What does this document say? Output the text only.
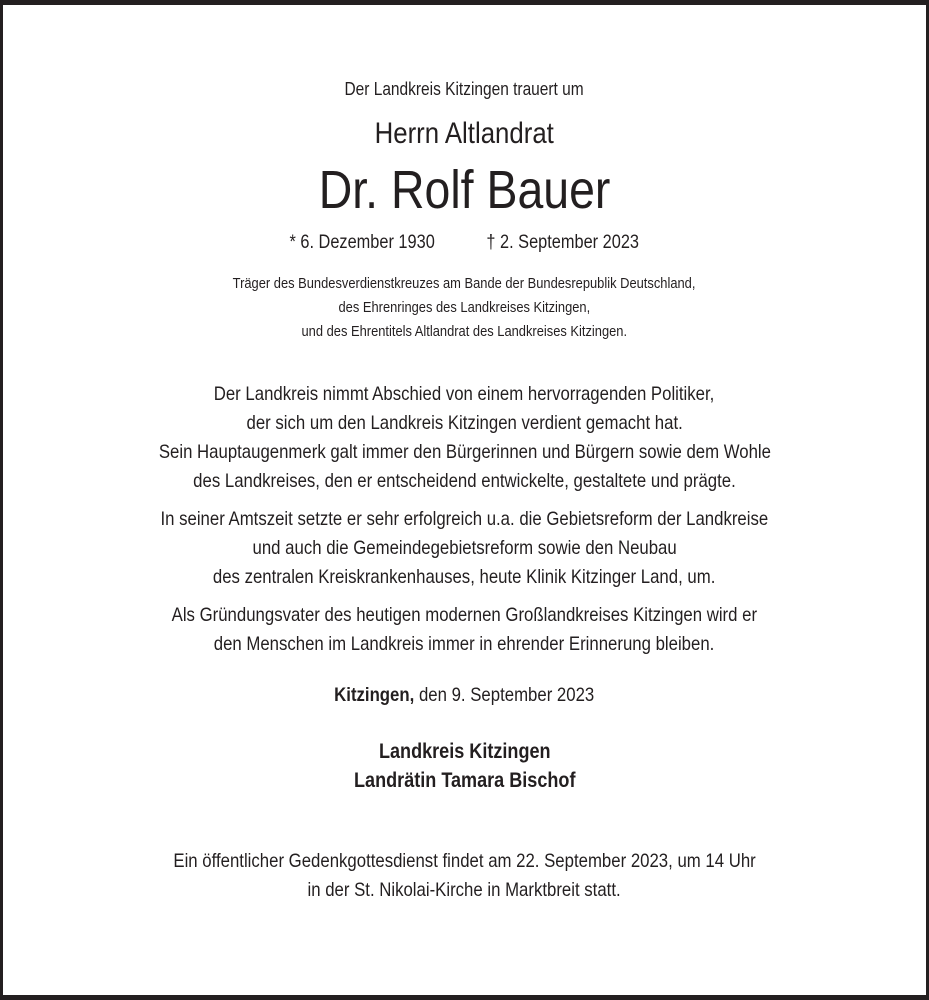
Der Landkreis Kitzingen trauert um
Herrn Altlandrat
Dr. Rolf Bauer
* 6. Dezember 1930	† 2. September 2023
Träger des Bundesverdienstkreuzes am Bande der Bundesrepublik Deutschland,
des Ehrenringes des Landkreises Kitzingen,
und des Ehrentitels Altlandrat des Landkreises Kitzingen.
Der Landkreis nimmt Abschied von einem hervorragenden Politiker,
der sich um den Landkreis Kitzingen verdient gemacht hat.
Sein Hauptaugenmerk galt immer den Bürgerinnen und Bürgern sowie dem Wohle
des Landkreises, den er entscheidend entwickelte, gestaltete und prägte.
In seiner Amtszeit setzte er sehr erfolgreich u.a. die Gebietsreform der Landkreise
und auch die Gemeindegebietsreform sowie den Neubau
des zentralen Kreiskrankenhauses, heute Klinik Kitzinger Land, um.
Als Gründungsvater des heutigen modernen Großlandkreises Kitzingen wird er
den Menschen im Landkreis immer in ehrender Erinnerung bleiben.
Kitzingen, den 9. September 2023
Landkreis Kitzingen
Landrätin Tamara Bischof
Ein öffentlicher Gedenkgottesdienst findet am 22. September 2023, um 14 Uhr
in der St. Nikolai-Kirche in Marktbreit statt.
